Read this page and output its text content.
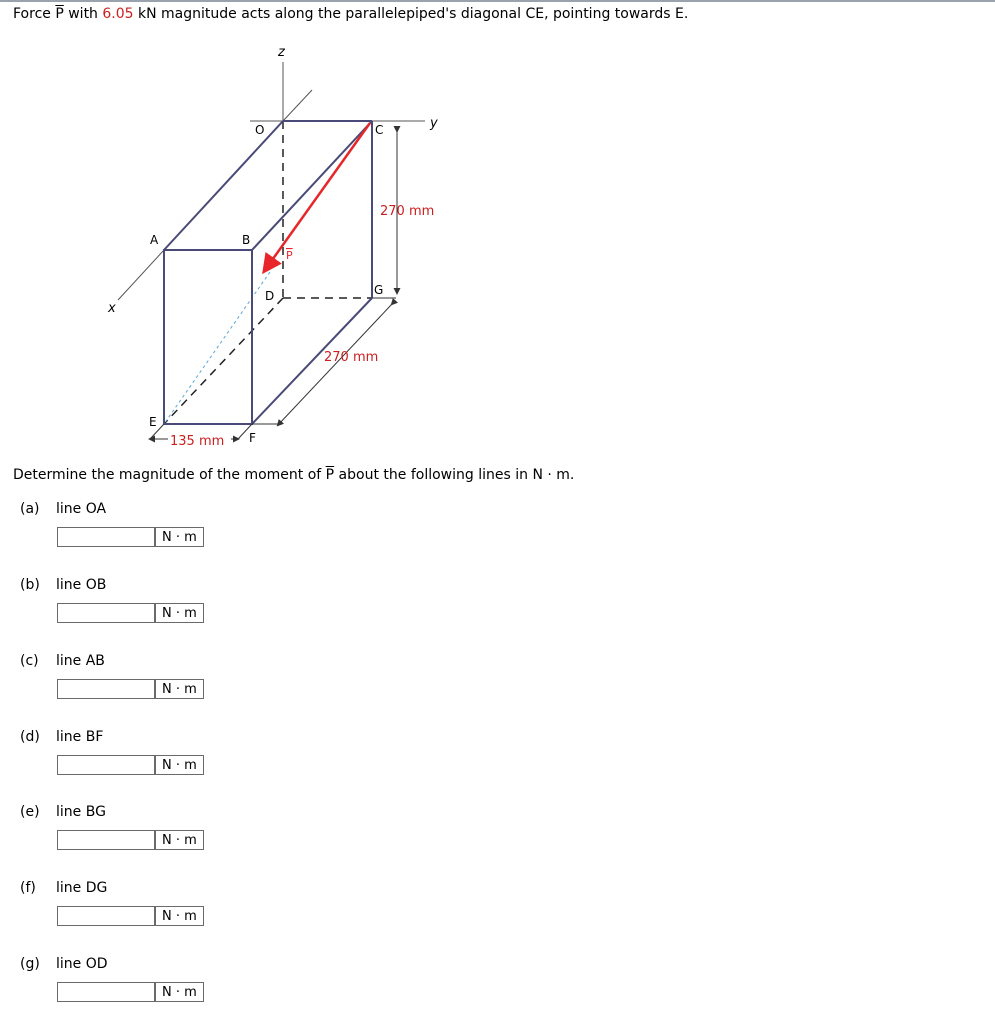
Force $\overline{P}$ with 6.05 kN magnitude acts along the parallelepiped's diagonal CE, pointing towards E.
z
y
x
O	C
A	B
D	G
E
F
P
270 mm
270 mm
135 mm
Determine the magnitude of the moment of $\overline{P}$ about the following lines in N · m.
(a) line OA
N · m
(b) line OB
N · m
(c) line AB
N · m
(d) line BF
N · m
(e) line BG
N · m
(f) line DG
N · m
(g) line OD
N · m
